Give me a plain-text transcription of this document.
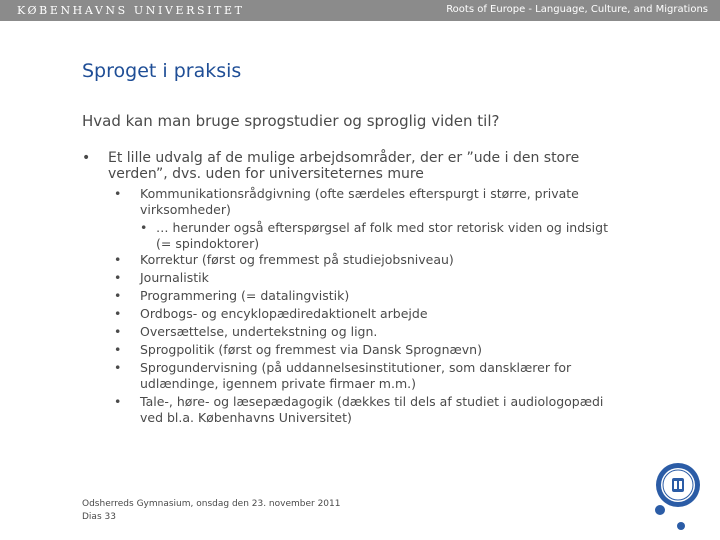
KØBENHAVNS UNIVERSITET	Roots of Europe - Language, Culture, and Migrations
Sproget i praksis
Hvad kan man bruge sprogstudier og sproglig viden til?

• Et lille udvalg af de mulige arbejdsområder, der er ”ude i den store verden”, dvs. uden for universiteternes mure

• Kommunikationsrådgivning (ofte særdeles efterspurgt i større, private virksomheder)
• … herunder også efterspørgsel af folk med stor retorisk viden og indsigt (= spindoktorer)
• Korrektur (først og fremmest på studiejobsniveau)
• Journalistik
• Programmering (= datalingvistik)
• Ordbogs- og encyklopædiredaktionelt arbejde
• Oversættelse, undertekstning og lign.
• Sprogpolitik (først og fremmest via Dansk Sprognævn)
• Sprogundervisning (på uddannelsesinstitutioner, som dansklærer for udlændinge, igennem private firmaer m.m.)
• Tale-, høre- og læsepædagogik (dækkes til dels af studiet i audiologopædi ved bl.a. Københavns Universitet)
Odsherreds Gymnasium, onsdag den 23. november 2011
Dias 33
